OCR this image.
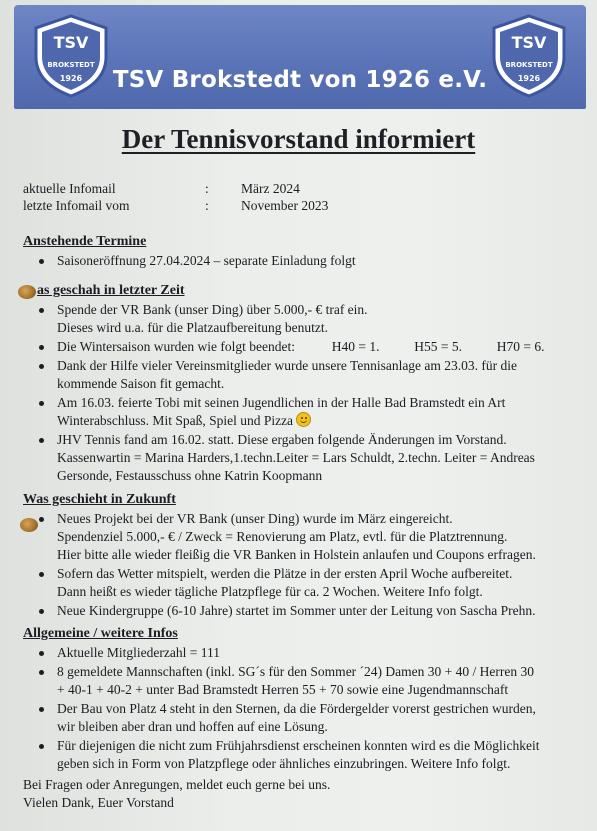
TSV
BROKSTEDT
1926
TSV
BROKSTEDT
1926
TSV Brokstedt von 1926 e.V.
Der Tennisvorstand informiert
aktuelle Infomail	: März 2024
letzte Infomail vom	: November 2023
Anstehende Termine
Saisoneröffnung 27.04.2024 – separate Einladung folgt
as geschah in letzter Zeit
Spende der VR Bank (unser Ding) über 5.000,- € traf ein.
Dieses wird u.a. für die Platzaufbereitung benutzt.
Die Wintersaison wurden wie folgt beendet:	H40 = 1.	H55 = 5.	H70 = 6.
Dank der Hilfe vieler Vereinsmitglieder wurde unsere Tennisanlage am 23.03. für die
kommende Saison fit gemacht.
Am 16.03. feierte Tobi mit seinen Jugendlichen in der Halle Bad Bramstedt ein Art
Winterabschluss. Mit Spaß, Spiel und Pizza
JHV Tennis fand am 16.02. statt. Diese ergaben folgende Änderungen im Vorstand.
Kassenwartin = Marina Harders,1.techn.Leiter = Lars Schuldt, 2.techn. Leiter = Andreas
Gersonde, Festausschuss ohne Katrin Koopmann
Was geschieht in Zukunft
Neues Projekt bei der VR Bank (unser Ding) wurde im März eingereicht.
Spendenziel 5.000,- € / Zweck = Renovierung am Platz, evtl. für die Platztrennung.
Hier bitte alle wieder fleißig die VR Banken in Holstein anlaufen und Coupons erfragen.
Sofern das Wetter mitspielt, werden die Plätze in der ersten April Woche aufbereitet.
Dann heißt es wieder tägliche Platzpflege für ca. 2 Wochen. Weitere Info folgt.
Neue Kindergruppe (6-10 Jahre) startet im Sommer unter der Leitung von Sascha Prehn.
Allgemeine / weitere Infos
Aktuelle Mitgliederzahl = 111
8 gemeldete Mannschaften (inkl. SG´s für den Sommer ´24) Damen 30 + 40 / Herren 30
+ 40-1 + 40-2 + unter Bad Bramstedt Herren 55 + 70 sowie eine Jugendmannschaft
Der Bau von Platz 4 steht in den Sternen, da die Fördergelder vorerst gestrichen wurden,
wir bleiben aber dran und hoffen auf eine Lösung.
Für diejenigen die nicht zum Frühjahrsdienst erscheinen konnten wird es die Möglichkeit
geben sich in Form von Platzpflege oder ähnliches einzubringen. Weitere Info folgt.
Bei Fragen oder Anregungen, meldet euch gerne bei uns.
Vielen Dank, Euer Vorstand
